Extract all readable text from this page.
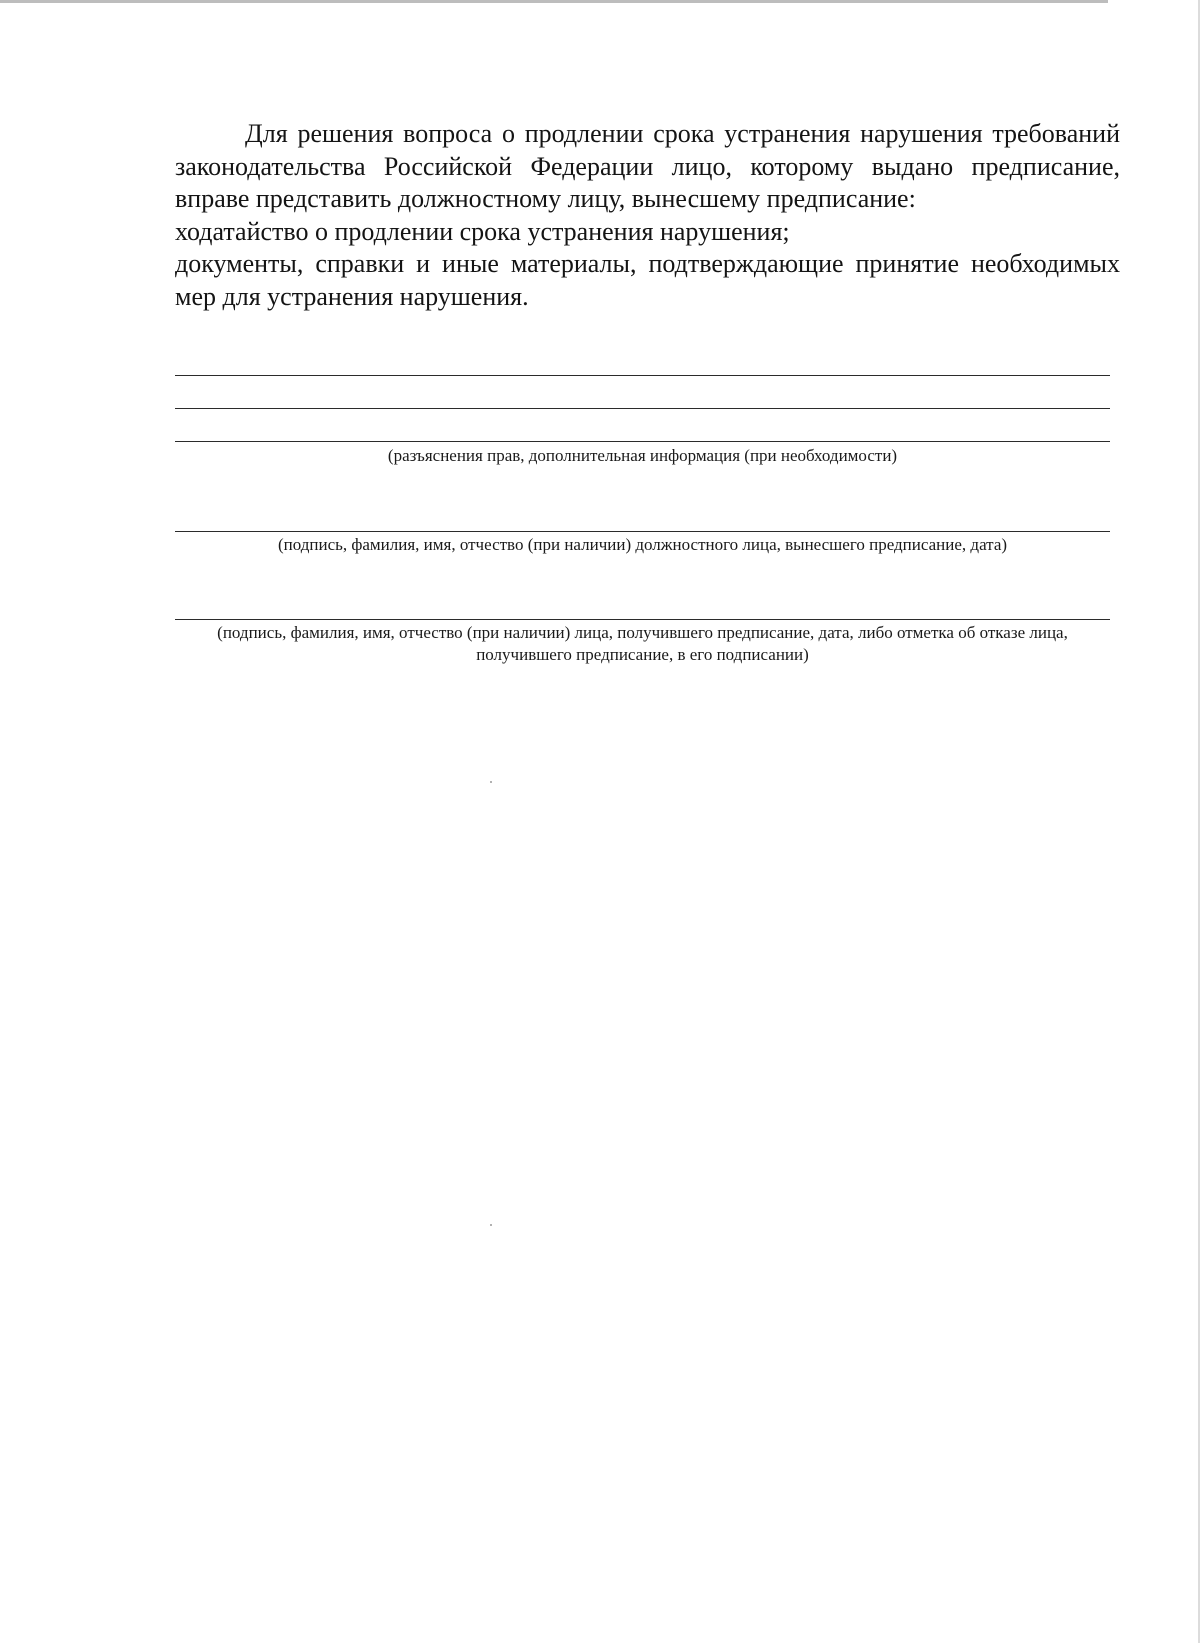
Для решения вопроса о продлении срока устранения нарушения требований законодательства Российской Федерации лицо, которому выдано предписание, вправе представить должностному лицу, вынесшему предписание:

ходатайство о продлении срока устранения нарушения;

документы, справки и иные материалы, подтверждающие принятие необходимых мер для устранения нарушения.

(разъяснения прав, дополнительная информация (при необходимости)
(подпись, фамилия, имя, отчество (при наличии) должностного лица, вынесшего предписание, дата)
(подпись, фамилия, имя, отчество (при наличии) лица, получившего предписание, дата, либо отметка об отказе лица, получившего предписание, в его подписании)
